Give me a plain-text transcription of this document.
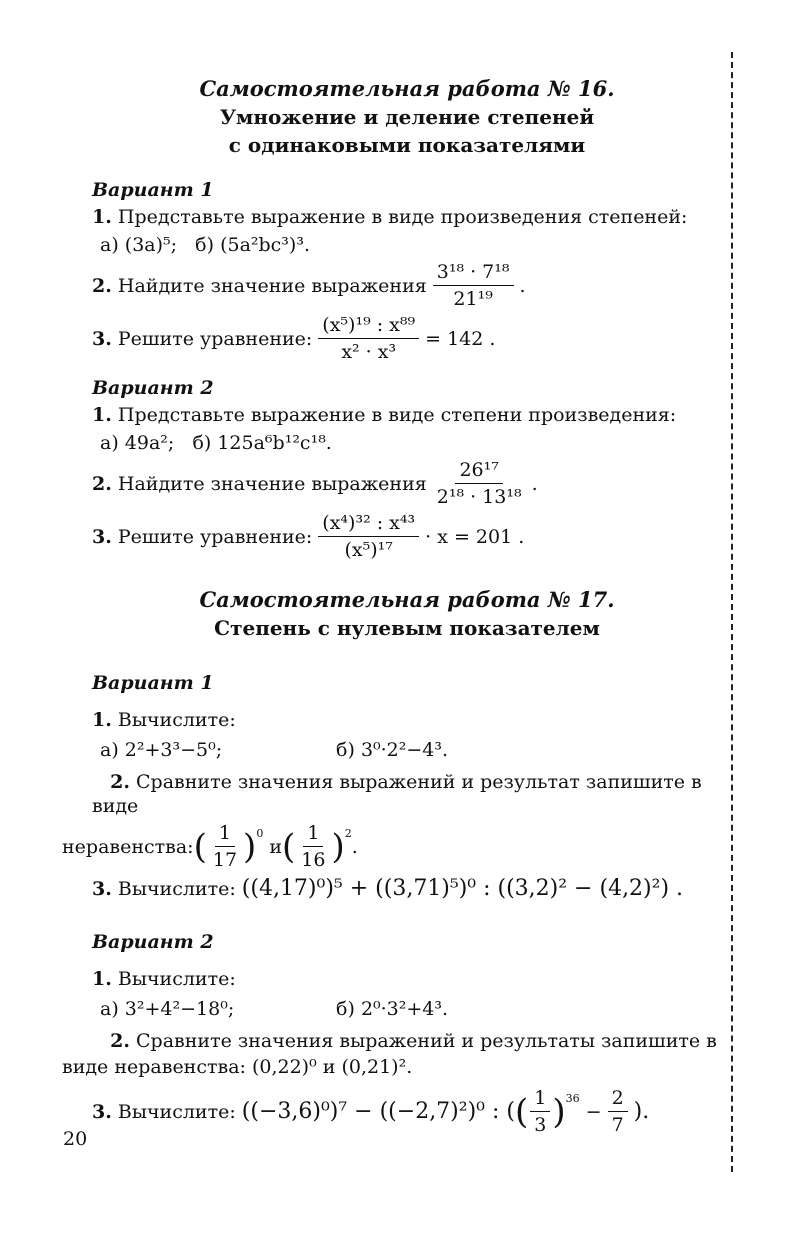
Самостоятельная работа № 16.

Умножение и деление степеней

с одинаковыми показателями

Вариант 1

1. Представьте выражение в виде произведения степеней:

а) (3a)⁵; б) (5a²bc³)³.

2.
Найдите значение выражения $\frac{\text{3¹⁸ · 7¹⁸}}{\text{21¹⁹}}$ .
3.
Решите уравнение: $\frac{\text{(x⁵)¹⁹ : x⁸⁹}}{\text{x² · x³}} = 142$ .

Вариант 2

1. Представьте выражение в виде степени произведения:

а) 49a²; б) 125a⁶b¹²c¹⁸.

2.
Найдите значение выражения $\frac{\text{26¹⁷}}{\text{2¹⁸ · 13¹⁸}}$ .
3.
Решите уравнение: $\frac{\text{(x⁴)³² : x⁴³}}{\text{(x⁵)¹⁷}} \cdot x = 201$ .

Самостоятельная работа № 17.

Степень с нулевым показателем

Вариант 1

1. Вычислите:

а) 2²+3³−5⁰;	б) 3⁰·2²−4³.

2. Сравните значения выражений и результат запишите в виде

неравенства: ( $\frac{1}{17} )^0$

и ( $\frac{1}{16} )^2$
.
3.
Вычислите:
((4,17)⁰)⁵ + ((3,71)⁵)⁰ : ((3,2)² − (4,2)²) .

Вариант 2

1. Вычислите:

а) 3²+4²−18⁰;	б) 2⁰·3²+4³.

2. Сравните значения выражений и результаты запишите в

виде неравенства: (0,22)⁰ и (0,21)².

3.
Вычислите:
((−3,6)⁰)⁷ − ((−2,7)²)⁰ : ( ( $\frac{1}{3} )^{36}$

− $\frac{2}{7}$ ).
20
